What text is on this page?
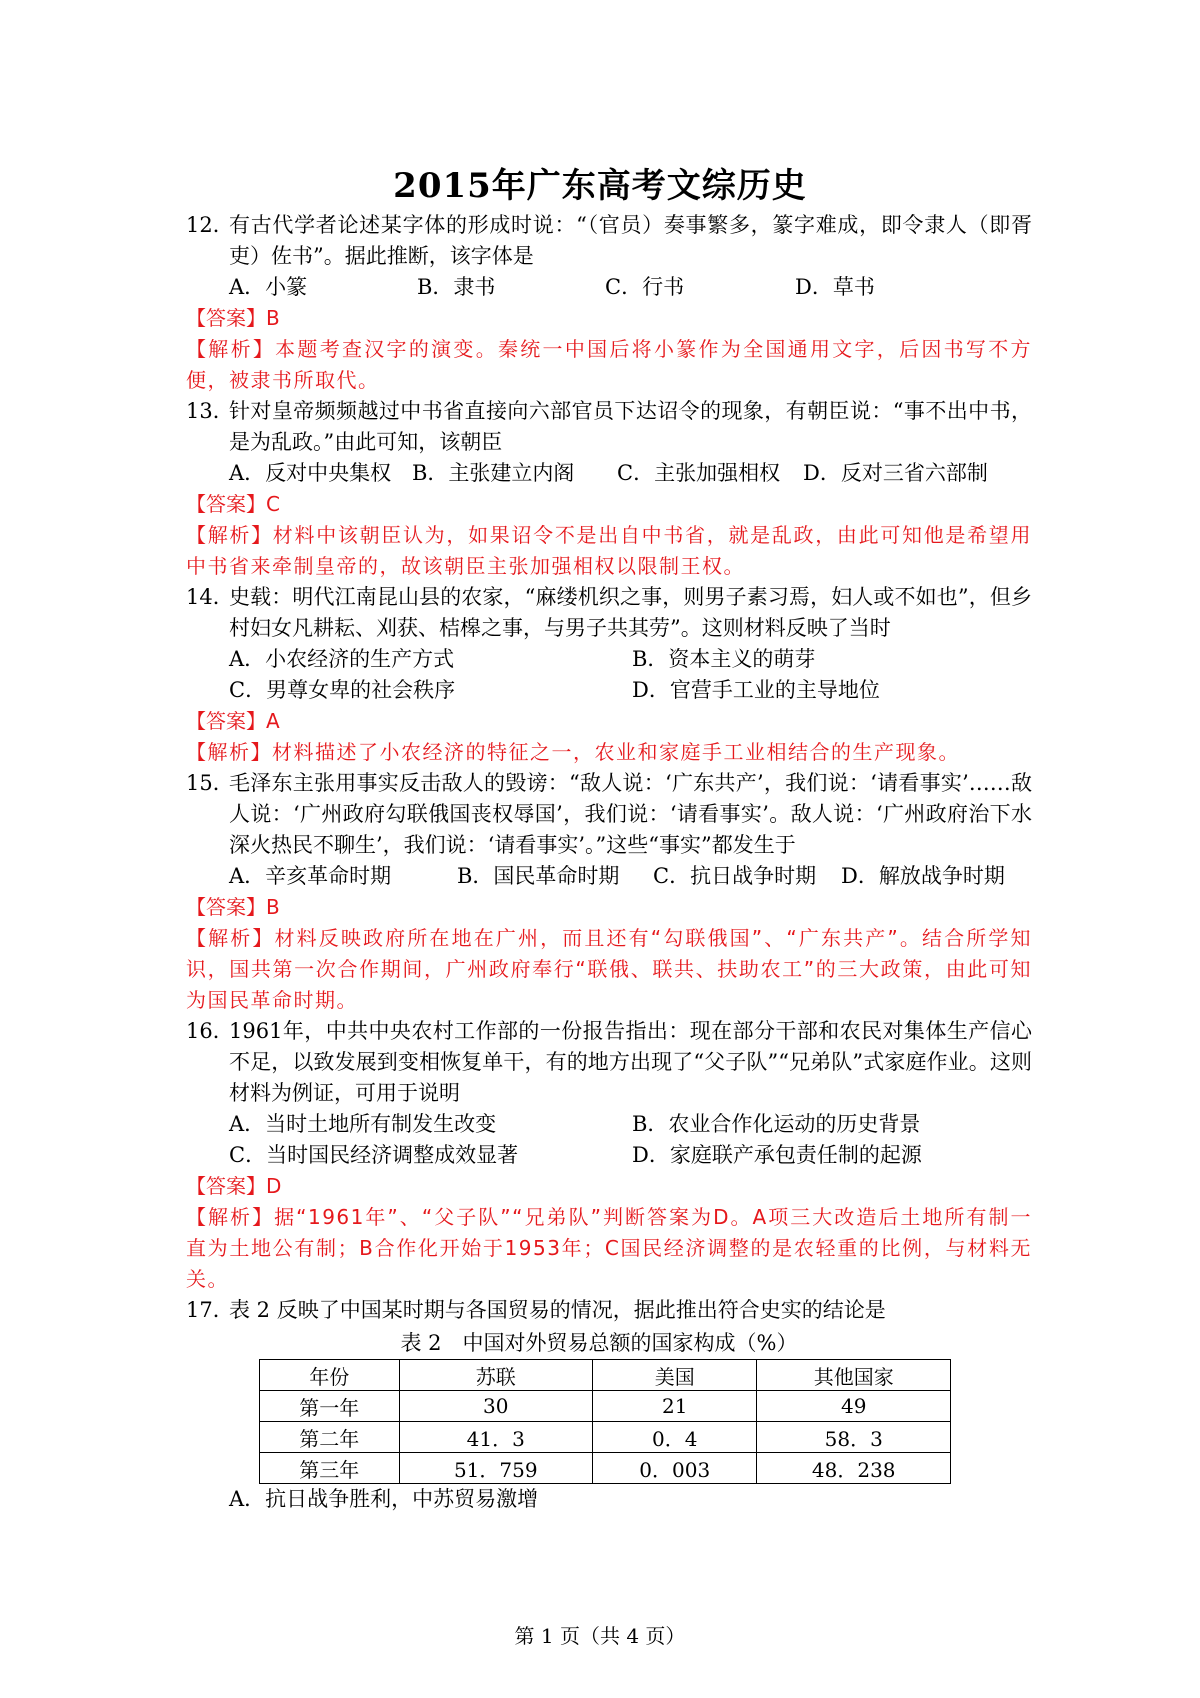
2015年广东高考文综历史
12．
有古代学者论述某字体的形成时说：“（官员）奏事繁多，篆字难成，即令隶人（即胥吏）佐书”。据此推断，该字体是
A．小篆	B．隶书	C．行书	D．草书
【答案】B
【解析】本题考查汉字的演变。秦统一中国后将小篆作为全国通用文字，后因书写不方便，被隶书所取代。
13．
针对皇帝频频越过中书省直接向六部官员下达诏令的现象，有朝臣说：“事不出中书，是为乱政。”由此可知，该朝臣
A．反对中央集权 B．主张建立内阁	C．主张加强相权	D．反对三省六部制
【答案】C
【解析】材料中该朝臣认为，如果诏令不是出自中书省，就是乱政，由此可知他是希望用中书省来牵制皇帝的，故该朝臣主张加强相权以限制王权。
14．
史载：明代江南昆山县的农家，“麻缕机织之事，则男子素习焉，妇人或不如也”，但乡村妇女凡耕耘、刈获、桔槔之事，与男子共其劳”。这则材料反映了当时
A．小农经济的生产方式	B．资本主义的萌芽
C．男尊女卑的社会秩序	D．官营手工业的主导地位
【答案】A
【解析】材料描述了小农经济的特征之一，农业和家庭手工业相结合的生产现象。
15．
毛泽东主张用事实反击敌人的毁谤：“敌人说：‘广东共产’，我们说：‘请看事实’……敌人说：‘广州政府勾联俄国丧权辱国’，我们说：‘请看事实’。敌人说：‘广州政府治下水深火热民不聊生’，我们说：‘请看事实’。”这些“事实”都发生于
A．辛亥革命时期	B．国民革命时期	C．抗日战争时期	D．解放战争时期
【答案】B
【解析】材料反映政府所在地在广州，而且还有“勾联俄国”、“广东共产”。结合所学知识，国共第一次合作期间，广州政府奉行“联俄、联共、扶助农工”的三大政策，由此可知为国民革命时期。
16．
1961年，中共中央农村工作部的一份报告指出：现在部分干部和农民对集体生产信心不足，以致发展到变相恢复单干，有的地方出现了“父子队”“兄弟队”式家庭作业。这则材料为例证，可用于说明
A．当时土地所有制发生改变	B．农业合作化运动的历史背景
C．当时国民经济调整成效显著	D．家庭联产承包责任制的起源
【答案】D
【解析】据“1961年”、“父子队”“兄弟队”判断答案为D。A项三大改造后土地所有制一直为土地公有制；B合作化开始于1953年；C国民经济调整的是农轻重的比例，与材料无关。
17．
表 2 反映了中国某时期与各国贸易的情况，据此推出符合史实的结论是
表 2　中国对外贸易总额的国家构成（%）
年份	苏联	美国	其他国家
第一年	30	21	49
第二年	41．3	0．4	58．3
第三年	51．759	0．003	48．238
A．抗日战争胜利，中苏贸易激增
第 1 页（共 4 页）
